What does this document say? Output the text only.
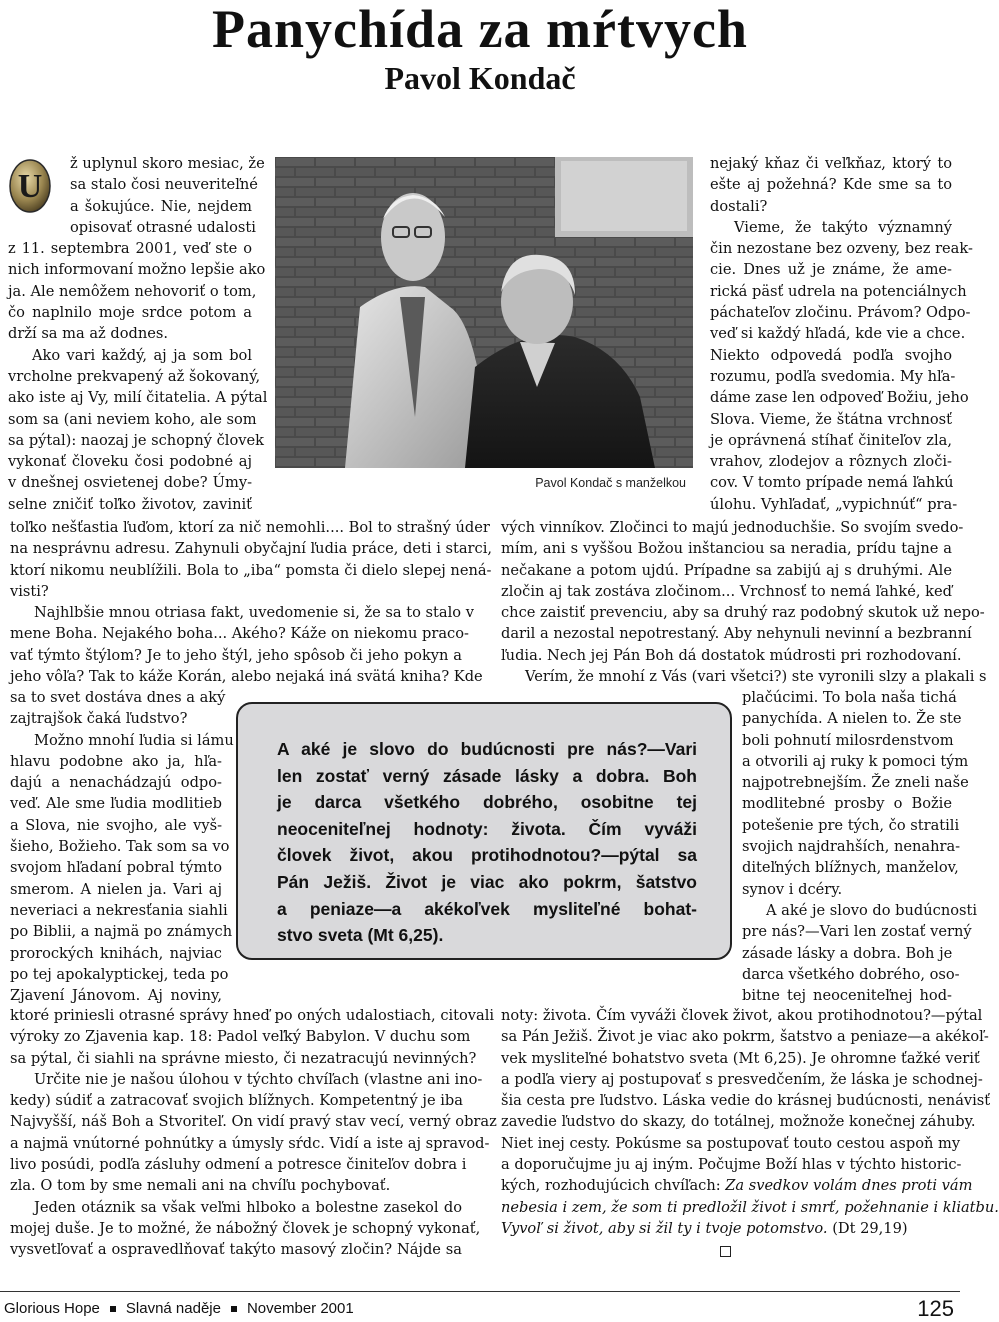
Panychída za mŕtvych
Pavol Kondač
U
ž uplynul skoro mesiac, že
sa stalo čosi neuveriteľné
a šokujúce. Nie, nejdem
opisovať otrasné udalosti
z 11. septembra 2001, veď ste o
nich informovaní možno lepšie ako
ja. Ale nemôžem nehovoriť o tom,
čo naplnilo moje srdce potom a
drží sa ma až dodnes.
Ako vari každý, aj ja som bol
vrcholne prekvapený až šokovaný,
ako iste aj Vy, milí čitatelia. A pýtal
som sa (ani neviem koho, ale som
sa pýtal): naozaj je schopný človek
vykonať človeku čosi podobné aj
v dnešnej osvietenej dobe? Úmy-
selne zničiť toľko životov, zaviniť
Pavol Kondač s manželkou
toľko nešťastia ľuďom, ktorí za nič nemohli.... Bol to strašný úder
na nesprávnu adresu. Zahynuli obyčajní ľudia práce, deti i starci,
ktorí nikomu neublížili. Bola to „iba“ pomsta či dielo slepej nená-
visti?
Najhlbšie mnou otriasa fakt, uvedomenie si, že sa to stalo v
mene Boha. Nejakého boha... Akého? Káže on niekomu praco-
vať týmto štýlom? Je to jeho štýl, jeho spôsob či jeho pokyn a
jeho vôľa? Tak to káže Korán, alebo nejaká iná svätá kniha? Kde
sa to svet dostáva dnes a aký
zajtrajšok čaká ľudstvo?
Možno mnohí ľudia si lámu
hlavu podobne ako ja, hľa-
dajú a nenachádzajú odpo-
veď. Ale sme ľudia modlitieb
a Slova, nie svojho, ale vyš-
šieho, Božieho. Tak som sa vo
svojom hľadaní pobral týmto
smerom. A nielen ja. Vari aj
neveriaci a nekresťania siahli
po Biblii, a najmä po známych
prorockých knihách, najviac
po tej apokalyptickej, teda po
Zjavení Jánovom. Aj noviny,
ktoré priniesli otrasné správy hneď po oných udalostiach, citovali
výroky zo Zjavenia kap. 18: Padol veľký Babylon. V duchu som
sa pýtal, či siahli na správne miesto, či nezatracujú nevinných?
Určite nie je našou úlohou v týchto chvíľach (vlastne ani ino-
kedy) súdiť a zatracovať svojich blížnych. Kompetentný je iba
Najvyšší, náš Boh a Stvoriteľ. On vidí pravý stav vecí, verný obraz
a najmä vnútorné pohnútky a úmysly sŕdc. Vidí a iste aj spravod-
livo posúdi, podľa zásluhy odmení a potresce činiteľov dobra i
zla. O tom by sme nemali ani na chvíľu pochybovať.
Jeden otáznik sa však veľmi hlboko a bolestne zasekol do
mojej duše. Je to možné, že nábožný človek je schopný vykonať,
vysvetľovať a ospravedlňovať takýto masový zločin? Nájde sa
nejaký kňaz či veľkňaz, ktorý to
ešte aj požehná? Kde sme sa to
dostali?
Vieme, že takýto významný
čin nezostane bez ozveny, bez reak-
cie. Dnes už je známe, že ame-
rická päsť udrela na potenciálnych
páchateľov zločinu. Právom? Odpo-
veď si každý hľadá, kde vie a chce.
Niekto odpovedá podľa svojho
rozumu, podľa svedomia. My hľa-
dáme zase len odpoveď Božiu, jeho
Slova. Vieme, že štátna vrchnosť
je oprávnená stíhať činiteľov zla,
vrahov, zlodejov a rôznych zloči-
cov. V tomto prípade nemá ľahkú
úlohu. Vyhľadať, „vypichnúť“ pra-
vých vinníkov. Zločinci to majú jednoduchšie. So svojím svedo-
mím, ani s vyššou Božou inštanciou sa neradia, prídu tajne a
nečakane a potom ujdú. Prípadne sa zabijú aj s druhými. Ale
zločin aj tak zostáva zločinom... Vrchnosť to nemá ľahké, keď
chce zaistiť prevenciu, aby sa druhý raz podobný skutok už nepo-
daril a nezostal nepotrestaný. Aby nehynuli nevinní a bezbranní
ľudia. Nech jej Pán Boh dá dostatok múdrosti pri rozhodovaní.
Verím, že mnohí z Vás (vari všetci?) ste vyronili slzy a plakali s
plačúcimi. To bola naša tichá
panychída. A nielen to. Že ste
boli pohnutí milosrdenstvom
a otvorili aj ruky k pomoci tým
najpotrebnejším. Že zneli naše
modlitebné prosby o Božie
potešenie pre tých, čo stratili
svojich najdrahších, nenahra-
diteľných blížnych, manželov,
synov i dcéry.
A aké je slovo do budúcnosti
pre nás?—Vari len zostať verný
zásade lásky a dobra. Boh je
darca všetkého dobrého, oso-
bitne tej neoceniteľnej hod-
noty: života. Čím vyváži človek život, akou protihodnotou?—pýtal
sa Pán Ježiš. Život je viac ako pokrm, šatstvo a peniaze—a akékoľ-
vek mysliteľné bohatstvo sveta (Mt 6,25). Je ohromne ťažké veriť
a podľa viery aj postupovať s presvedčením, že láska je schodnej-
šia cesta pre ľudstvo. Láska vedie do krásnej budúcnosti, nenávisť
zavedie ľudstvo do skazy, do totálnej, možnože konečnej záhuby.
Niet inej cesty. Pokúsme sa postupovať touto cestou aspoň my
a doporučujme ju aj iným. Počujme Boží hlas v týchto historic-
kých, rozhodujúcich chvíľach: Za svedkov volám dnes proti vám
nebesia i zem, že som ti predložil život i smrť, požehnanie i kliatbu.
Vyvoľ si život, aby si žil ty i tvoje potomstvo. (Dt 29,19)
A aké je slovo do budúcnosti pre nás?—Vari
len zostať verný zásade lásky a dobra. Boh
je darca všetkého dobrého, osobitne tej
neoceniteľnej hodnoty: života. Čím vyváži
človek život, akou protihodnotou?—pýtal sa
Pán Ježiš. Život je viac ako pokrm, šatstvo
a peniaze—a akékoľvek mysliteľné bohat-
stvo sveta (Mt 6,25).
Glorious Hope Slavná naděje November 2001	125
